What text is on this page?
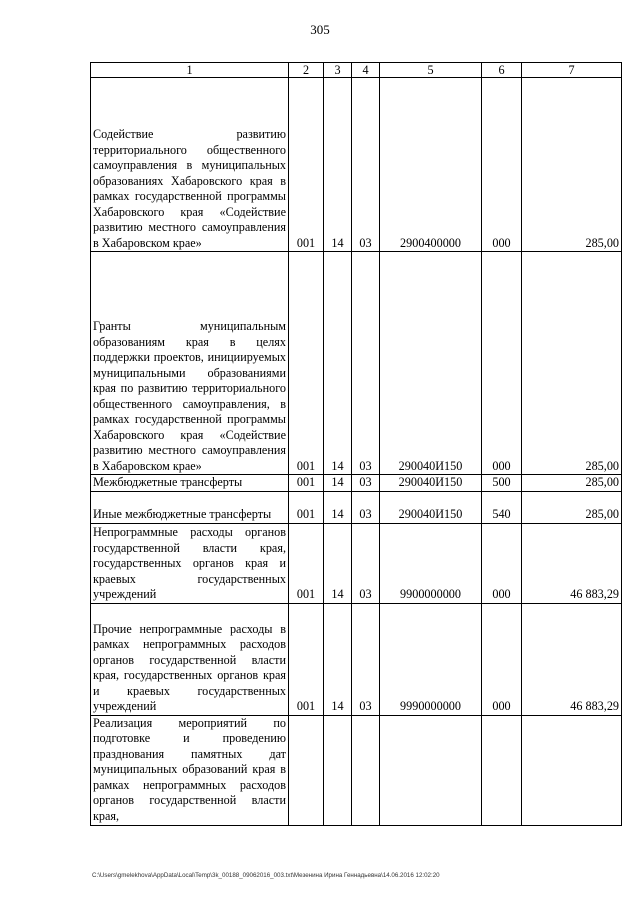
305
1	2	3	4	5	6	7
Содействие развитию территориального общественного самоуправления в муниципальных образованиях Хабаровского края в рамках государственной программы Хабаровского края «Содействие развитию местного самоуправления в Хабаровском крае»	001	14	03	2900400000	000	285,00
Гранты муниципальным образованиям края в целях поддержки проектов, инициируемых муниципальными образованиями края по развитию территориального общественного самоуправления, в рамках государственной программы Хабаровского края «Содействие развитию местного самоуправления в Хабаровском крае»	001	14	03	290040И150	000	285,00
Межбюджетные трансферты	001	14	03	290040И150	500	285,00
Иные межбюджетные трансферты	001	14	03	290040И150	540	285,00
Непрограммные расходы органов государственной власти края, государственных органов края и краевых государственных учреждений	001	14	03	9900000000	000	46 883,29
Прочие непрограммные расходы в рамках непрограммных расходов органов государственной власти края, государственных органов края и краевых государственных учреждений	001	14	03	9990000000	000	46 883,29
Реализация мероприятий по подготовке и проведению празднования памятных дат муниципальных образований края в рамках непрограммных расходов органов государственной власти края,						
C:\Users\gmelekhova\AppData\Local\Temp\3k_00188_09062016_003.txt\Мезенина Ирина Геннадьевна\14.06.2016 12:02:20
